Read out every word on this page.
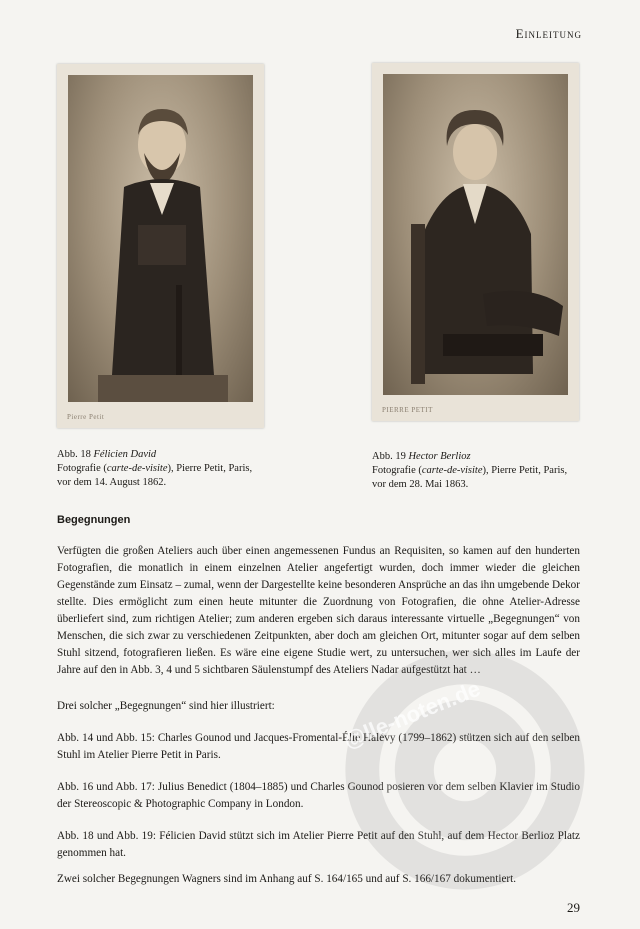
Einleitung
Pierre Petit
PIERRE PETIT
Abb. 18 Félicien David
Fotografie (carte-de-visite), Pierre Petit, Paris,
vor dem 14. August 1862.
Abb. 19 Hector Berlioz
Fotografie (carte-de-visite), Pierre Petit, Paris,
vor dem 28. Mai 1863.
Begegnungen

Verfügten die großen Ateliers auch über einen angemessenen Fundus an Requisiten, so kamen auf den hunderten Fotografien, die monatlich in einem einzelnen Atelier angefertigt wurden, doch immer wieder die gleichen Gegenstände zum Einsatz – zumal, wenn der Dargestellte keine besonderen Ansprüche an das ihn umgebende Dekor stellte. Dies ermöglicht zum einen heute mitunter die Zuordnung von Fotografien, die ohne Atelier-Adresse überliefert sind, zum richtigen Atelier; zum anderen ergeben sich daraus interessante virtuelle „Begegnungen“ von Menschen, die sich zwar zu verschiedenen Zeitpunkten, aber doch am gleichen Ort, mitunter sogar auf dem selben Stuhl sitzend, fotografieren ließen. Es wäre eine eigene Studie wert, zu untersuchen, wer sich alles im Laufe der Jahre auf den in Abb. 3, 4 und 5 sichtbaren Säulenstumpf des Ateliers Nadar aufgestützt hat …

Drei solcher „Begegnungen“ sind hier illustriert:

Abb. 14 und Abb. 15: Charles Gounod und Jacques-Fromental-Élie Halévy (1799–1862) stützen sich auf den selben Stuhl im Atelier Pierre Petit in Paris.

Abb. 16 und Abb. 17: Julius Benedict (1804–1885) und Charles Gounod posieren vor dem selben Klavier im Studio der Stereoscopic & Photographic Company in London.

Abb. 18 und Abb. 19: Félicien David stützt sich im Atelier Pierre Petit auf den Stuhl, auf dem Hector Berlioz Platz genommen hat.

Zwei solcher Begegnungen Wagners sind im Anhang auf S. 164/165 und auf S. 166/167 dokumentiert.

@lle-noten.de
29
